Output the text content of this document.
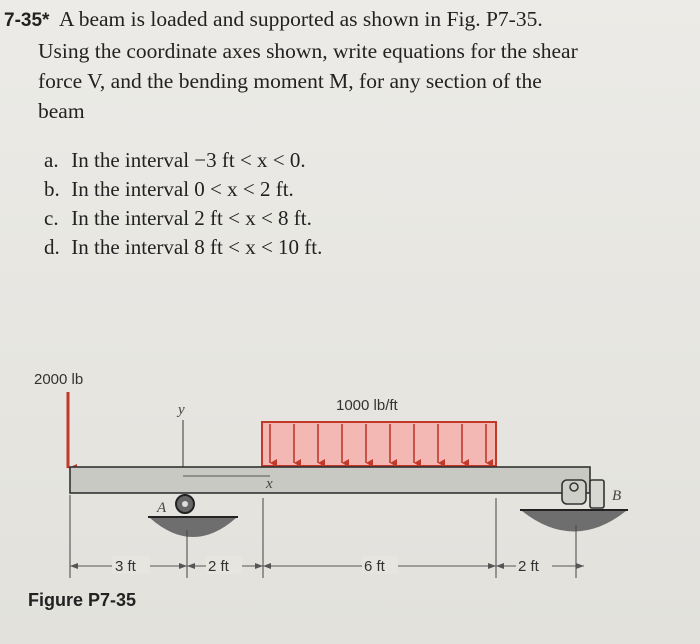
7-35* A beam is loaded and supported as shown in Fig. P7-35.
Using the coordinate axes shown, write equations for the shear
force V, and the bending moment M, for any section of the
beam
a. In the interval −3 ft < x < 0.
b. In the interval 0 < x < 2 ft.
c. In the interval 2 ft < x < 8 ft.
d. In the interval 8 ft < x < 10 ft.
2000 lb
1000 lb/ft
y
x
A
B
3 ft	2 ft	6 ft	2 ft
Figure P7-35
